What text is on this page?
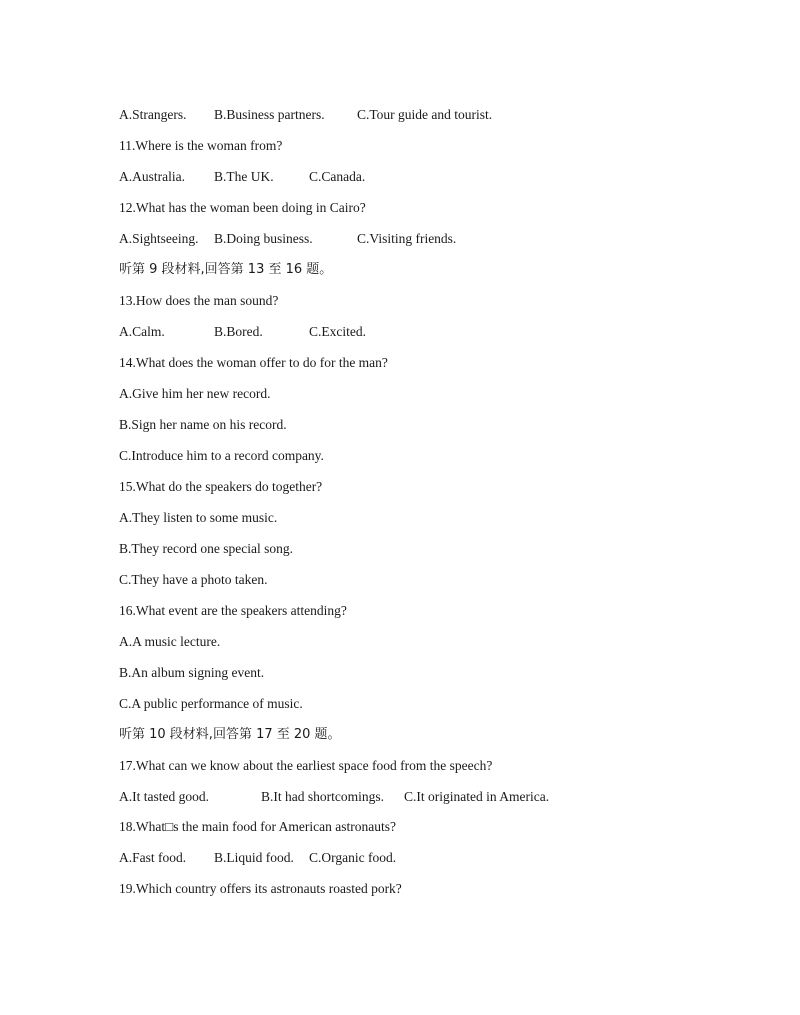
A.Strangers. B.Business partners. C.Tour guide and tourist.
11.Where is the woman from?
A.Australia. B.The UK.	C.Canada.
12.What has the woman been doing in Cairo?
A.Sightseeing. B.Doing business.	C.Visiting friends.
听第 9 段材料,回答第 13 至 16 题。
13.How does the man sound?
A.Calm.	B.Bored.	C.Excited.
14.What does the woman offer to do for the man?
A.Give him her new record.
B.Sign her name on his record.
C.Introduce him to a record company.
15.What do the speakers do together?
A.They listen to some music.
B.They record one special song.
C.They have a photo taken.
16.What event are the speakers attending?
A.A music lecture.
B.An album signing event.
C.A public performance of music.
听第 10 段材料,回答第 17 至 20 题。
17.What can we know about the earliest space food from the speech?
A.It tasted good.	B.It had shortcomings. C.It originated in America.
18.What□s the main food for American astronauts?
A.Fast food. B.Liquid food. C.Organic food.
19.Which country offers its astronauts roasted pork?
